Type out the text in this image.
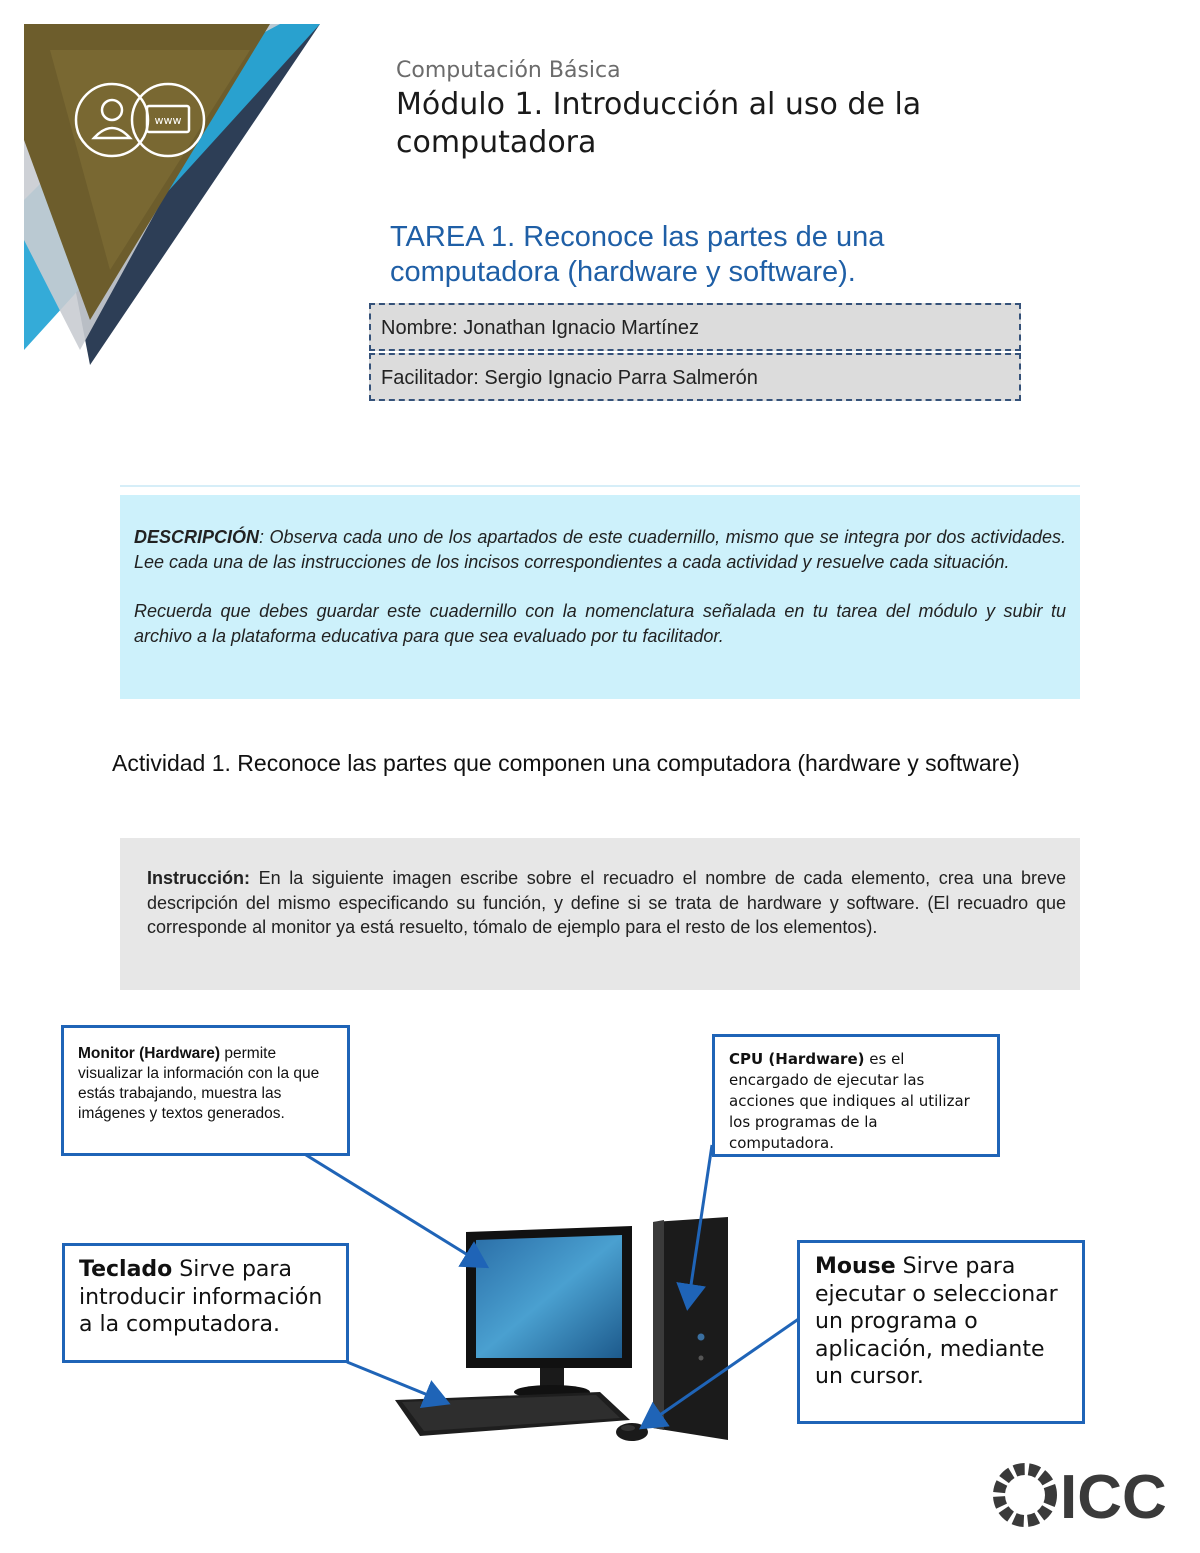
www
Computación Básica
Módulo 1. Introducción al uso de la computadora
TAREA 1. Reconoce las partes de una computadora (hardware y software).
Nombre: Jonathan Ignacio Martínez
Facilitador: Sergio Ignacio Parra Salmerón

DESCRIPCIÓN: Observa cada uno de los apartados de este cuadernillo, mismo que se integra por dos actividades. Lee cada una de las instrucciones de los incisos correspondientes a cada actividad y resuelve cada situación.

Recuerda que debes guardar este cuadernillo con la nomenclatura señalada en tu tarea del módulo y subir tu archivo a la plataforma educativa para que sea evaluado por tu facilitador.

Actividad 1. Reconoce las partes que componen una computadora (hardware y software)
Instrucción: En la siguiente imagen escribe sobre el recuadro el nombre de cada elemento, crea una breve descripción del mismo especificando su función, y define si se trata de hardware y software. (El recuadro que corresponde al monitor ya está resuelto, tómalo de ejemplo para el resto de los elementos).
Monitor (Hardware) permite visualizar la información con la que estás trabajando, muestra las imágenes y textos generados.
CPU (Hardware) es el encargado de ejecutar las acciones que indiques al utilizar los programas de la computadora.
Teclado Sirve para introducir información a la computadora.
Mouse Sirve para ejecutar o seleccionar un programa o aplicación, mediante un cursor.
ICC
